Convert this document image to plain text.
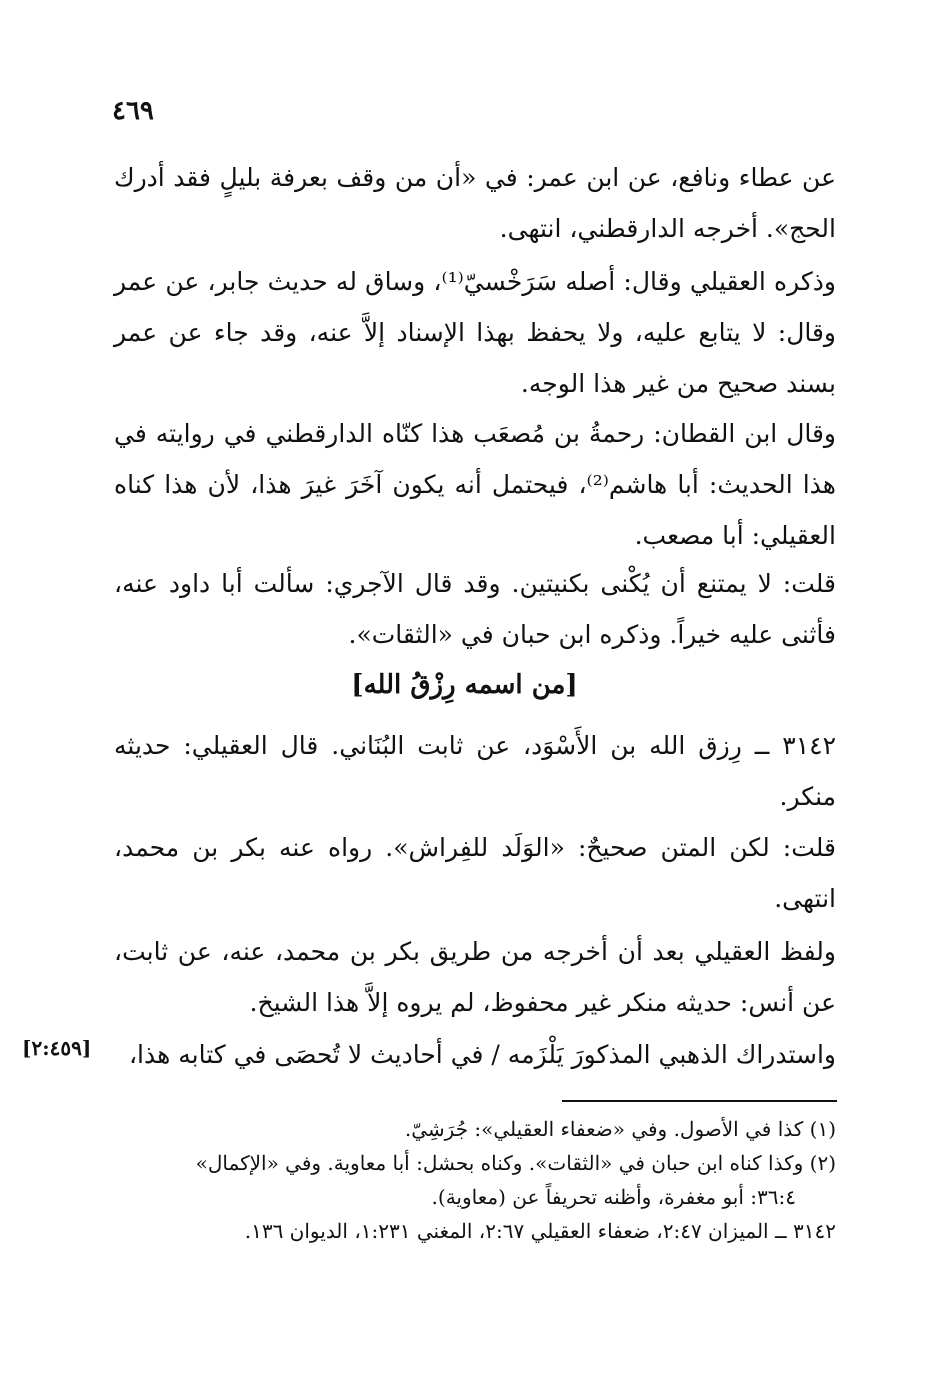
٤٦٩
عن عطاء ونافع، عن ابن عمر: في «أن من وقف بعرفة بليلٍ فقد أدرك الحج». أخرجه الدارقطني، انتهى.
وذكره العقيلي وقال: أصله سَرَخْسيّ⁽¹⁾، وساق له حديث جابر، عن عمر وقال: لا يتابع عليه، ولا يحفظ بهذا الإسناد إلاَّ عنه، وقد جاء عن عمر بسند صحيح من غير هذا الوجه.
وقال ابن القطان: رحمةُ بن مُصعَب هذا كنّاه الدارقطني في روايته في هذا الحديث: أبا هاشم⁽²⁾، فيحتمل أنه يكون آخَرَ غيرَ هذا، لأن هذا كناه العقيلي: أبا مصعب.
قلت: لا يمتنع أن يُكْنى بكنيتين. وقد قال الآجري: سألت أبا داود عنه، فأثنى عليه خيراً. وذكره ابن حبان في «الثقات».
[من اسمه رِزْقُ الله]
٣١٤٢ ــ رِزق الله بن الأَسْوَد، عن ثابت البُنَاني. قال العقيلي: حديثه منكر.
قلت: لكن المتن صحيحٌ: «الوَلَد للفِراش». رواه عنه بكر بن محمد، انتهى.
ولفظ العقيلي بعد أن أخرجه من طريق بكر بن محمد، عنه، عن ثابت، عن أنس: حديثه منكر غير محفوظ، لم يروه إلاَّ هذا الشيخ.
واستدراك الذهبي المذكورَ يَلْزَمه / في أحاديث لا تُحصَى في كتابه هذا،
[٢:٤٥٩]

(١) كذا في الأصول. وفي «ضعفاء العقيلي»: جُرَشِيّ.

(٢) وكذا كناه ابن حبان في «الثقات». وكناه بحشل: أبا معاوية. وفي «الإكمال»

٣٦:٤: أبو مغفرة، وأظنه تحريفاً عن (معاوية).

٣١٤٢ ــ الميزان ٢:٤٧، ضعفاء العقيلي ٢:٦٧، المغني ١:٢٣١، الديوان ١٣٦.
